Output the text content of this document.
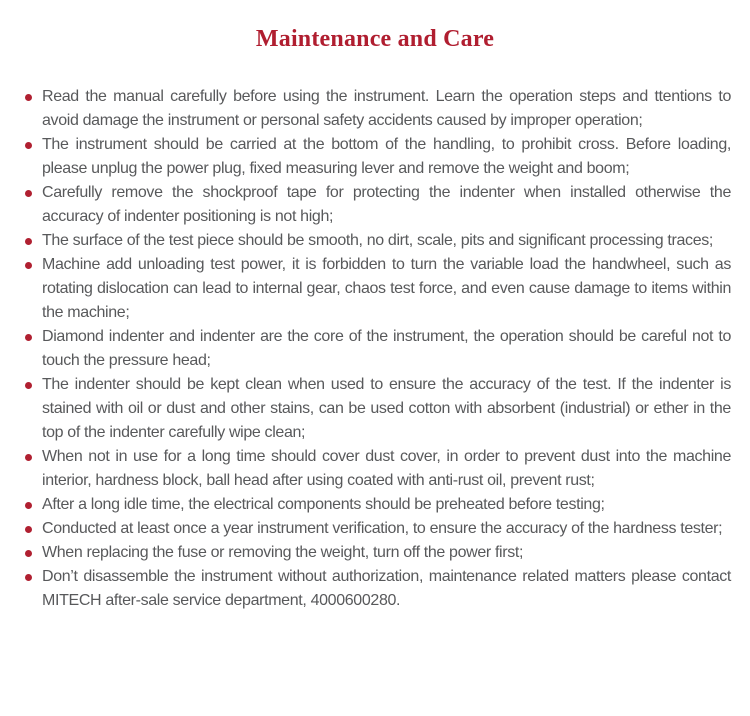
Maintenance and Care
Read the manual carefully before using the instrument. Learn the operation steps and ttentions to avoid damage the instrument or personal safety accidents caused by improper operation;
The instrument should be carried at the bottom of the handling, to prohibit cross. Before loading, please unplug the power plug, fixed measuring lever and remove the weight and boom;
Carefully remove the shockproof tape for protecting the indenter when installed otherwise the accuracy of indenter positioning is not high;
The surface of the test piece should be smooth, no dirt, scale, pits and significant processing traces;
Machine add unloading test power, it is forbidden to turn the variable load the handwheel, such as rotating dislocation can lead to internal gear, chaos test force, and even cause damage to items within the machine;
Diamond indenter and indenter are the core of the instrument, the operation should be careful not to touch the pressure head;
The indenter should be kept clean when used to ensure the accuracy of the test. If the indenter is stained with oil or dust and other stains, can be used cotton with absorbent (industrial) or ether in the top of the indenter carefully wipe clean;
When not in use for a long time should cover dust cover, in order to prevent dust into the machine interior, hardness block, ball head after using coated with anti-rust oil, prevent rust;
After a long idle time, the electrical components should be preheated before testing;
Conducted at least once a year instrument verification, to ensure the accuracy of the hardness tester;
When replacing the fuse or removing the weight, turn off the power first;
Don’t disassemble the instrument without authorization, maintenance related matters please contact MITECH after-sale service department, 4000600280.
